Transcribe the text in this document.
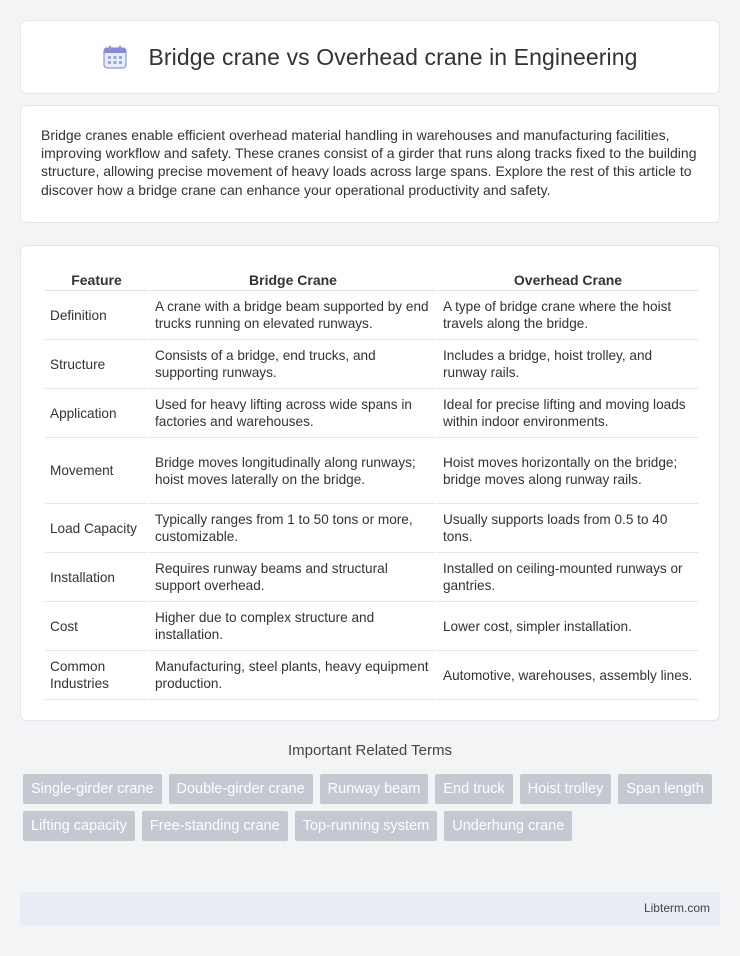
Bridge crane vs Overhead crane in Engineering

Bridge cranes enable efficient overhead material handling in warehouses and manufacturing facilities, improving workflow and safety. These cranes consist of a girder that runs along tracks fixed to the building structure, allowing precise movement of heavy loads across large spans. Explore the rest of this article to discover how a bridge crane can enhance your operational productivity and safety.

Feature	Bridge Crane	Overhead Crane
Definition	A crane with a bridge beam supported by end trucks running on elevated runways.	A type of bridge crane where the hoist travels along the bridge.
Structure	Consists of a bridge, end trucks, and supporting runways.	Includes a bridge, hoist trolley, and runway rails.
Application	Used for heavy lifting across wide spans in factories and warehouses.	Ideal for precise lifting and moving loads within indoor environments.
Movement	Bridge moves longitudinally along runways; hoist moves laterally on the bridge.	Hoist moves horizontally on the bridge; bridge moves along runway rails.
Load Capacity	Typically ranges from 1 to 50 tons or more, customizable.	Usually supports loads from 0.5 to 40 tons.
Installation	Requires runway beams and structural support overhead.	Installed on ceiling-mounted runways or gantries.
Cost	Higher due to complex structure and installation.	Lower cost, simpler installation.
Common Industries	Manufacturing, steel plants, heavy equipment production.	Automotive, warehouses, assembly lines.
Important Related Terms
Single-girder crane	Double-girder crane	Runway beam	End truck	Hoist trolley	Span length
Lifting capacity	Free-standing crane	Top-running system	Underhung crane
Libterm.com
